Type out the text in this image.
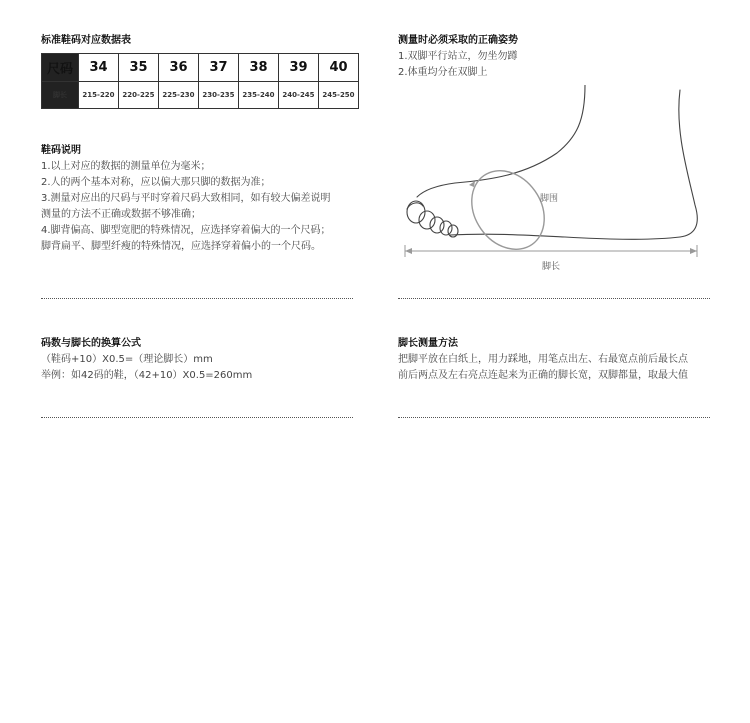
标准鞋码对应数据表
尺码	34	35	36	37	38	39	40
脚长	215-220	220-225	225-230	230-235	235-240	240-245	245-250
鞋码说明
1.以上对应的数据的测量单位为毫米；
2.人的两个基本对称，应以偏大那只脚的数据为准；
3.测量对应出的尺码与平时穿着尺码大致相同，如有较大偏差说明
测量的方法不正确或数据不够准确；
4.脚背偏高、脚型宽肥的特殊情况，应选择穿着偏大的一个尺码；
脚背扁平、脚型纤瘦的特殊情况，应选择穿着偏小的一个尺码。
测量时必须采取的正确姿势
1.双脚平行站立，勿坐勿蹲
2.体重均分在双脚上
脚围
脚长
码数与脚长的换算公式
（鞋码+10）X0.5=（理论脚长）mm
举例：如42码的鞋，（42+10）X0.5=260mm
脚长测量方法
把脚平放在白纸上，用力踩地，用笔点出左、右最宽点前后最长点
前后两点及左右亮点连起来为正确的脚长宽，双脚都量，取最大值
